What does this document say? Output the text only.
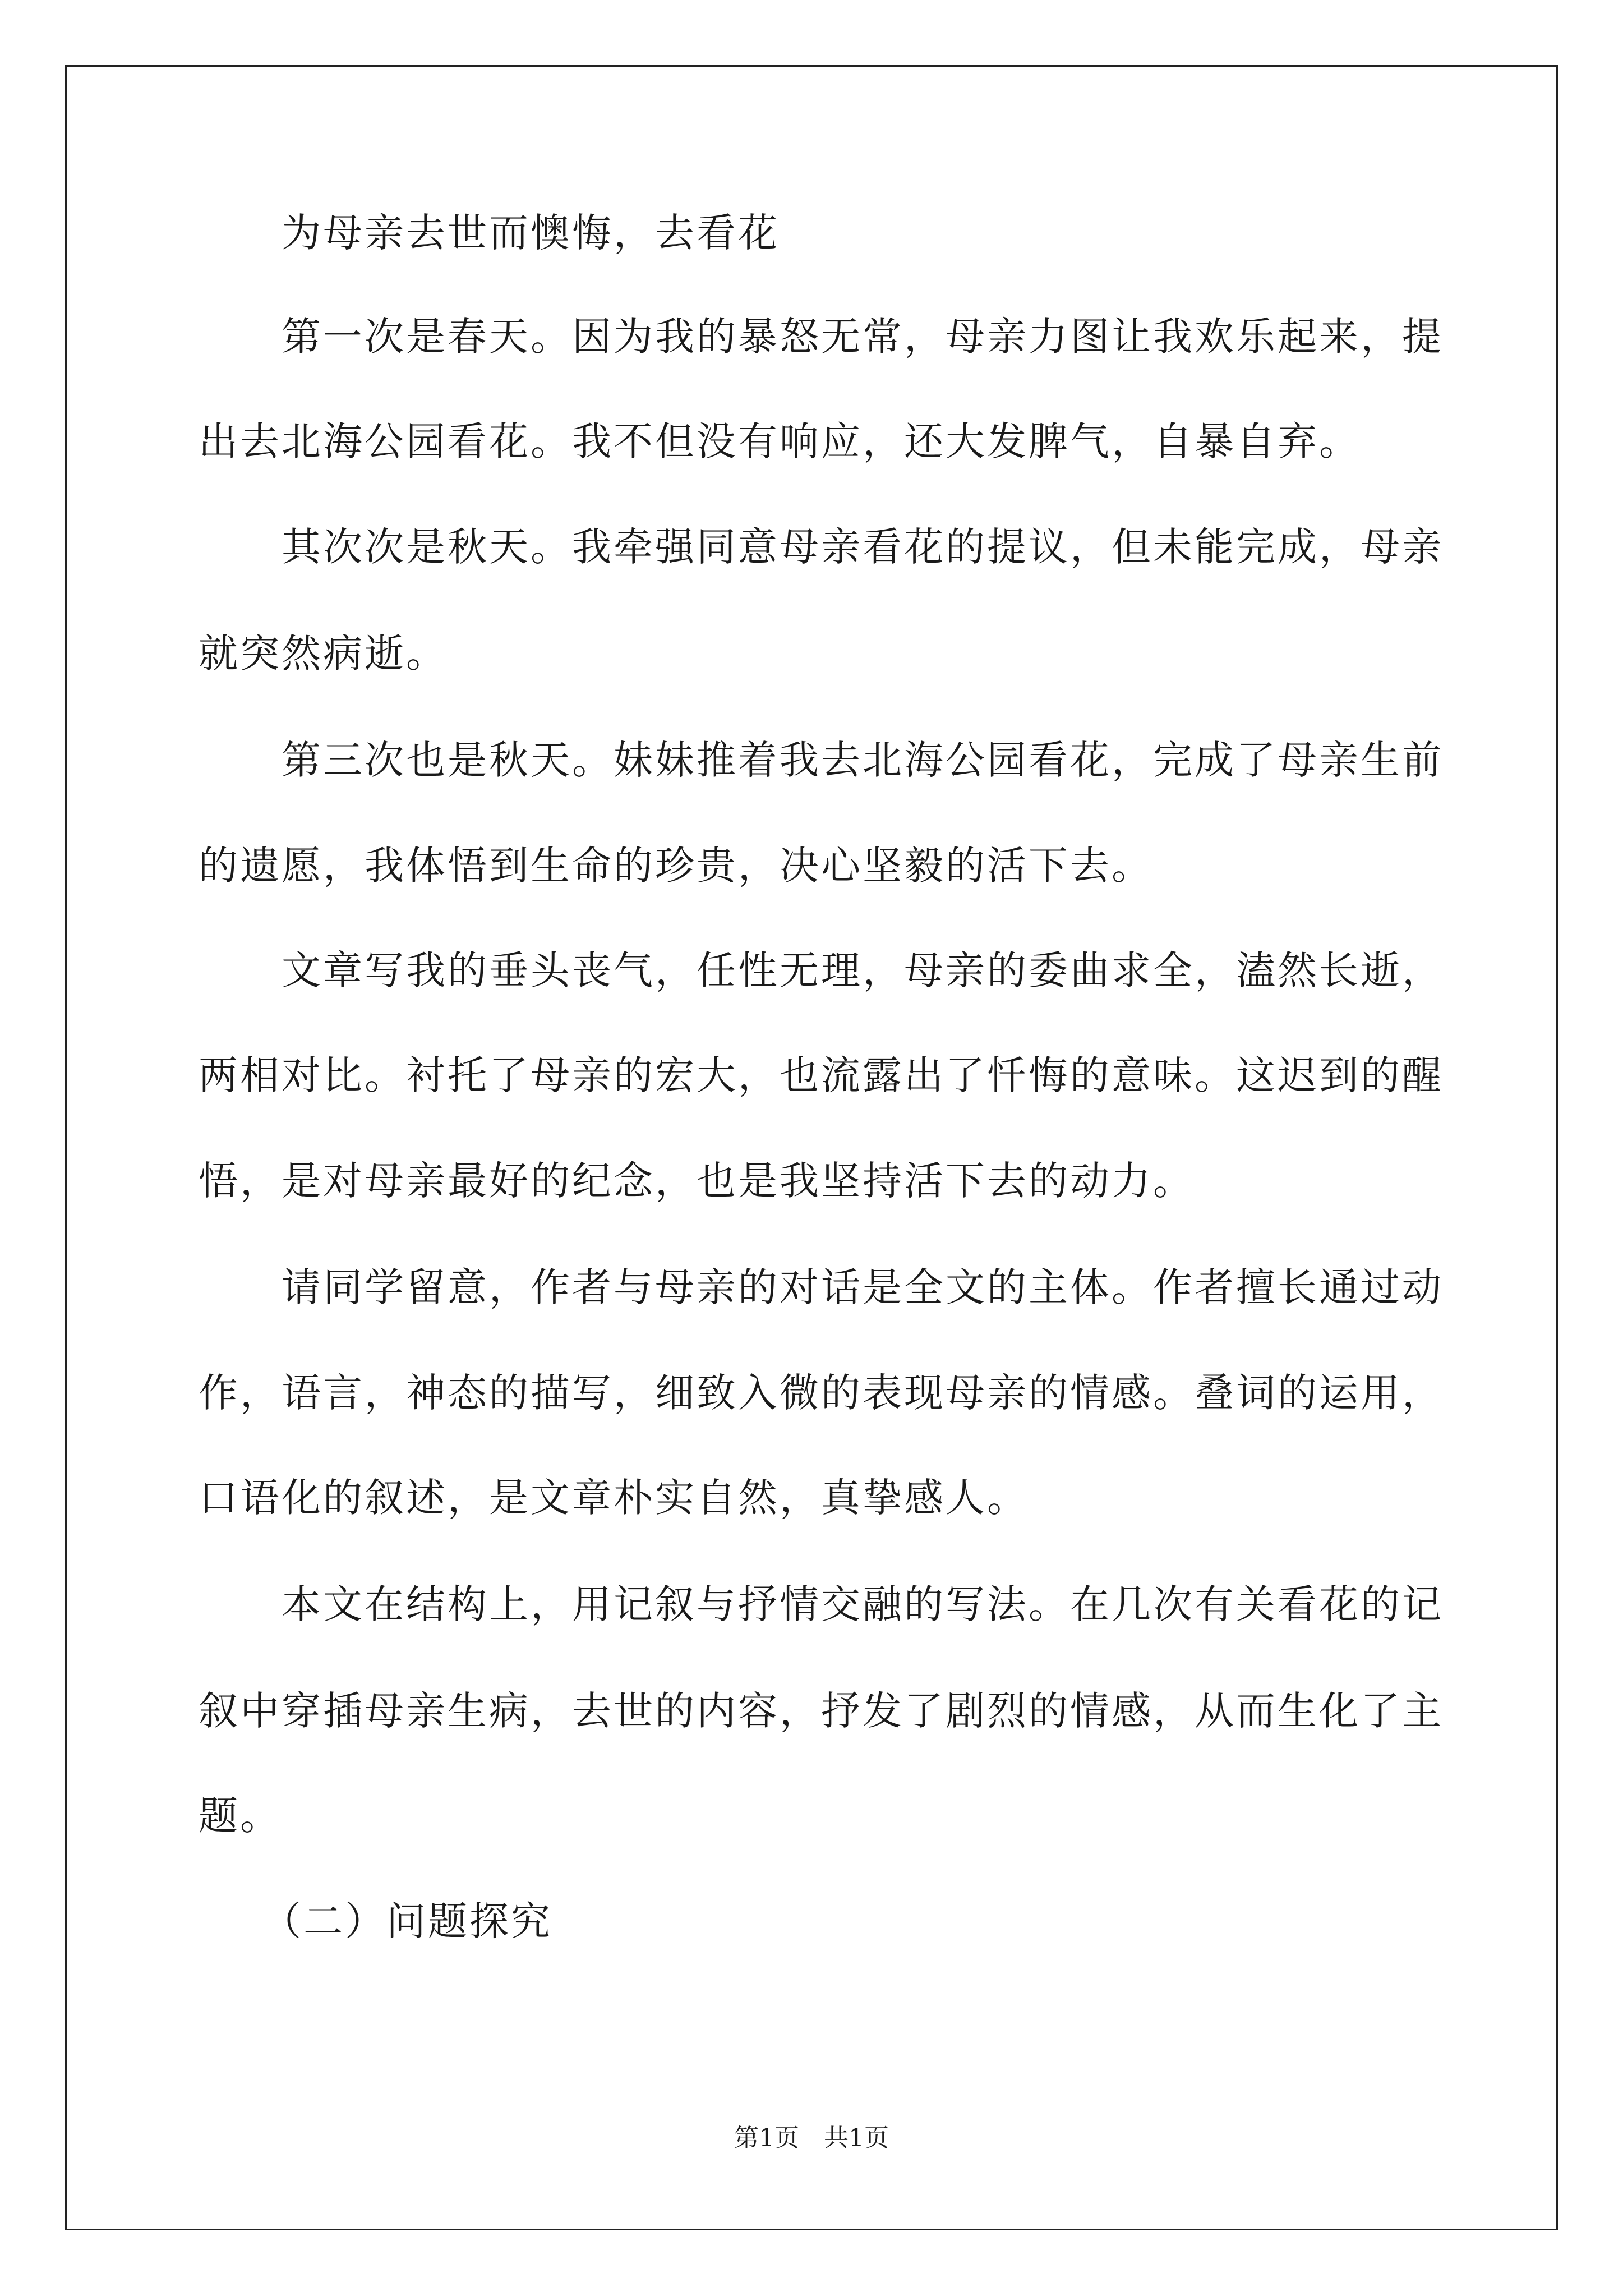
　　为母亲去世而懊悔，去看花
　　第一次是春天。因为我的暴怒无常，母亲力图让我欢乐起来，提
出去北海公园看花。我不但没有响应，还大发脾气，自暴自弃。
　　其次次是秋天。我牵强同意母亲看花的提议，但未能完成，母亲
就突然病逝。
　　第三次也是秋天。妹妹推着我去北海公园看花，完成了母亲生前
的遗愿，我体悟到生命的珍贵，决心坚毅的活下去。
　　文章写我的垂头丧气，任性无理，母亲的委曲求全，溘然长逝，
两相对比。衬托了母亲的宏大，也流露出了忏悔的意味。这迟到的醒
悟，是对母亲最好的纪念，也是我坚持活下去的动力。
　　请同学留意，作者与母亲的对话是全文的主体。作者擅长通过动
作，语言，神态的描写，细致入微的表现母亲的情感。叠词的运用，
口语化的叙述，是文章朴实自然，真挚感人。
　　本文在结构上，用记叙与抒情交融的写法。在几次有关看花的记
叙中穿插母亲生病，去世的内容，抒发了剧烈的情感，从而生化了主
题。
　　（二）问题探究
第1页　共1页
